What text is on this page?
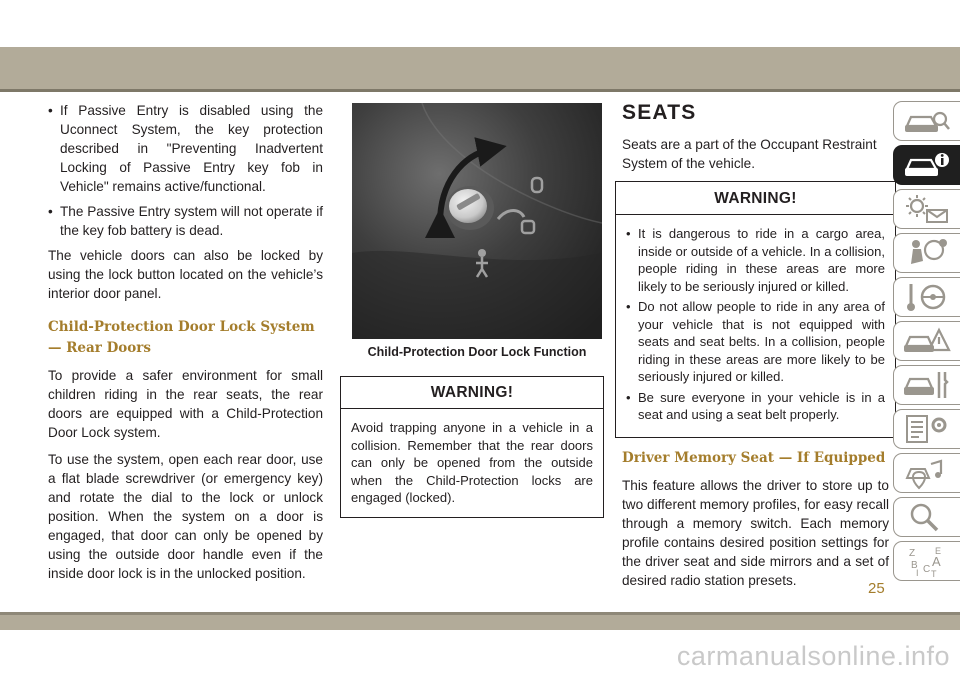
• If Passive Entry is disabled using the Uconnect System, the key protection described in "Preventing Inadvertent Locking of Passive Entry key fob in Vehicle" remains active/functional.
• The Passive Entry system will not operate if the key fob battery is dead.

The vehicle doors can also be locked by using the lock button located on the vehicle’s interior door panel.

Child-Protection Door Lock System — Rear Doors

To provide a safer environment for small children riding in the rear seats, the rear doors are equipped with a Child-Protection Door Lock system.

To use the system, open each rear door, use a flat blade screwdriver (or emergency key) and rotate the dial to the lock or unlock position. When the system on a door is engaged, that door can only be opened by using the outside door handle even if the inside door lock is in the unlocked position.

Child-Protection Door Lock Function
WARNING!
Avoid trapping anyone in a vehicle in a collision. Remember that the rear doors can only be opened from the outside when the Child-Protection locks are engaged (locked).
SEATS

Seats are a part of the Occupant Restraint System of the vehicle.

WARNING!
• It is dangerous to ride in a cargo area, inside or outside of a vehicle. In a collision, people riding in these areas are more likely to be seriously injured or killed.
• Do not allow people to ride in any area of your vehicle that is not equipped with seats and seat belts. In a collision, people riding in these areas are more likely to be seriously injured or killed.
• Be sure everyone in your vehicle is in a seat and using a seat belt properly.
Driver Memory Seat — If Equipped

This feature allows the driver to store up to two different memory profiles, for easy recall through a memory switch. Each memory profile contains desired position settings for the driver seat and side mirrors and a set of desired radio station presets.

Z E
B A
I C T
25
carmanualsonline.info
